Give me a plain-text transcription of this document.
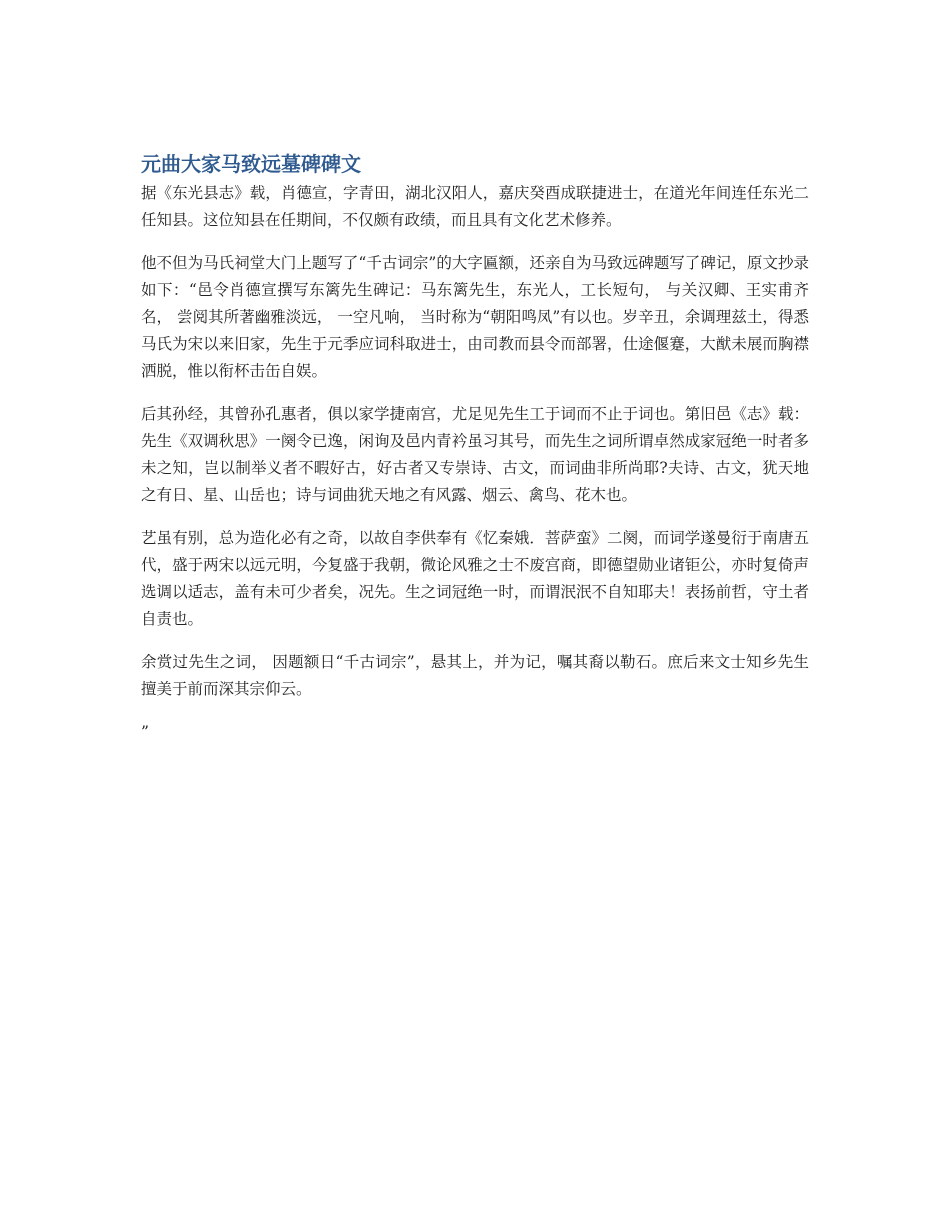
元曲大家马致远墓碑碑文

据《东光县志》载，肖德宣，字青田，湖北汉阳人，嘉庆癸酉成联捷进士，在道光年间连任东光二任知县。这位知县在任期间，不仅颇有政绩，而且具有文化艺术修养。

他不但为马氏祠堂大门上题写了“千古词宗”的大字匾额，还亲自为马致远碑题写了碑记，原文抄录如下：“邑令肖德宣撰写东篱先生碑记：马东篱先生，东光人，工长短句， 与关汉卿、王实甫齐名， 尝阅其所著幽雅淡远， 一空凡响， 当时称为“朝阳鸣凤”有以也。岁辛丑，余调理兹土，得悉马氏为宋以来旧家，先生于元季应词科取进士，由司教而县令而部署，仕途偃蹇，大猷未展而胸襟洒脱，惟以衔杯击缶自娱。

后其孙经，其曾孙孔惠者，俱以家学捷南宫，尤足见先生工于词而不止于词也。第旧邑《志》载：先生《双调秋思》一阕令已逸，闲询及邑内青衿虽习其号，而先生之词所谓卓然成家冠绝一时者多未之知，岂以制举义者不暇好古，好古者又专崇诗、古文，而词曲非所尚耶?夫诗、古文，犹天地之有日、星、山岳也；诗与词曲犹天地之有风露、烟云、禽鸟、花木也。

艺虽有别，总为造化必有之奇，以故自李供奉有《忆秦娥．菩萨蛮》二阕，而词学遂曼衍于南唐五代，盛于两宋以远元明，今复盛于我朝，微论风雅之士不废宫商，即德望勋业诸钜公，亦时复倚声选调以适志，盖有未可少者矣，况先。生之词冠绝一时，而谓泯泯不自知耶夫！表扬前哲，守土者自责也。

余赏过先生之词， 因题额日“千古词宗”，悬其上，并为记，嘱其裔以勒石。庶后来文士知乡先生擅美于前而深其宗仰云。

”
